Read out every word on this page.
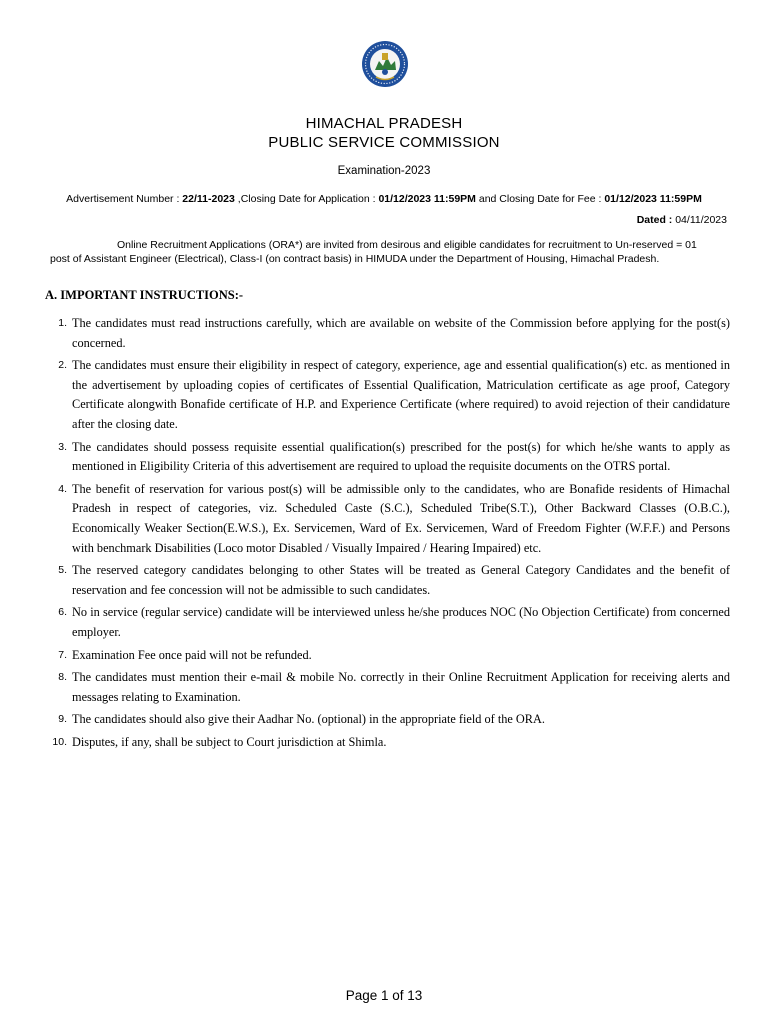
HIMACHAL PRADESH
PUBLIC SERVICE COMMISSION
Examination-2023
Advertisement Number : 22/11-2023 ,Closing Date for Application : 01/12/2023 11:59PM and Closing Date for Fee : 01/12/2023 11:59PM
Dated : 04/11/2023

Online Recruitment Applications (ORA*) are invited from desirous and eligible candidates for recruitment to Un-reserved = 01

post of Assistant Engineer (Electrical), Class-I (on contract basis) in HIMUDA under the Department of Housing, Himachal Pradesh.

A. IMPORTANT INSTRUCTIONS:-
1. The candidates must read instructions carefully, which are available on website of the Commission before applying for the post(s) concerned.
2. The candidates must ensure their eligibility in respect of category, experience, age and essential qualification(s) etc. as mentioned in the advertisement by uploading copies of certificates of Essential Qualification, Matriculation certificate as age proof, Category Certificate alongwith Bonafide certificate of H.P. and Experience Certificate (where required) to avoid rejection of their candidature after the closing date.
3. The candidates should possess requisite essential qualification(s) prescribed for the post(s) for which he/she wants to apply as mentioned in Eligibility Criteria of this advertisement are required to upload the requisite documents on the OTRS portal.
4. The benefit of reservation for various post(s) will be admissible only to the candidates, who are Bonafide residents of Himachal Pradesh in respect of categories, viz. Scheduled Caste (S.C.), Scheduled Tribe(S.T.), Other Backward Classes (O.B.C.), Economically Weaker Section(E.W.S.), Ex. Servicemen, Ward of Ex. Servicemen, Ward of Freedom Fighter (W.F.F.) and Persons with benchmark Disabilities (Loco motor Disabled / Visually Impaired / Hearing Impaired) etc.
5. The reserved category candidates belonging to other States will be treated as General Category Candidates and the benefit of reservation and fee concession will not be admissible to such candidates.
6. No in service (regular service) candidate will be interviewed unless he/she produces NOC (No Objection Certificate) from concerned employer.
7. Examination Fee once paid will not be refunded.
8. The candidates must mention their e-mail & mobile No. correctly in their Online Recruitment Application for receiving alerts and messages relating to Examination.
9. The candidates should also give their Aadhar No. (optional) in the appropriate field of the ORA.
10. Disputes, if any, shall be subject to Court jurisdiction at Shimla.
Page 1 of 13
